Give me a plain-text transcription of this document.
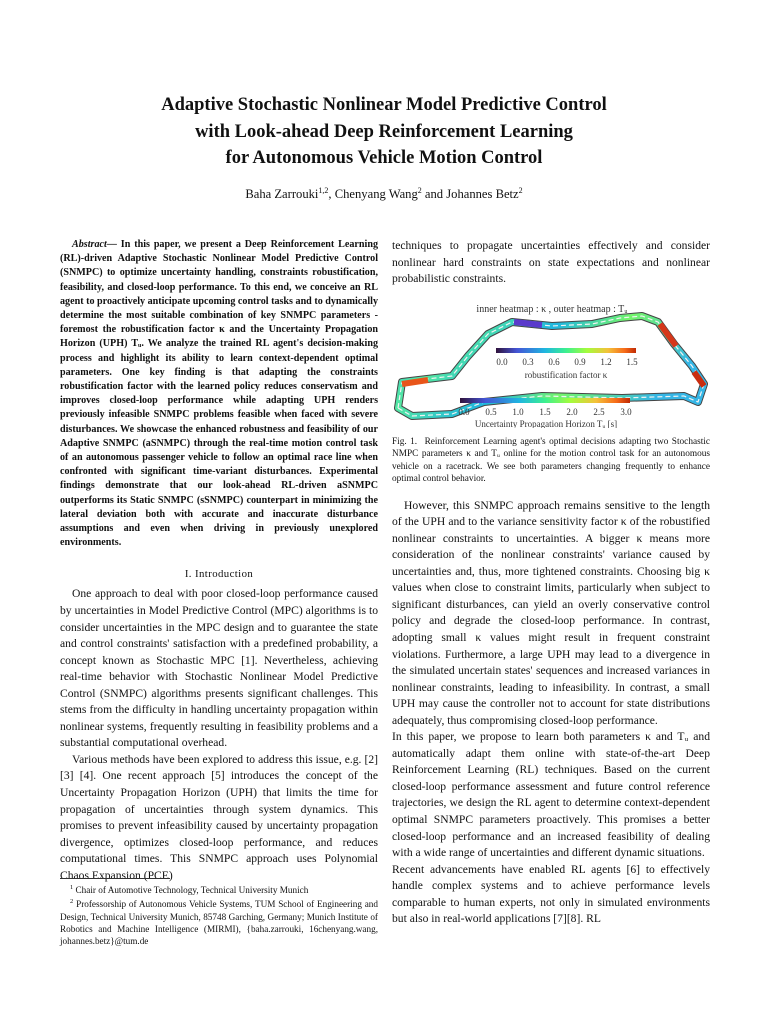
Adaptive Stochastic Nonlinear Model Predictive Control
with Look-ahead Deep Reinforcement Learning
for Autonomous Vehicle Motion Control
Baha Zarrouki$^{1,2}$, Chenyang Wang$^2$ and Johannes Betz$^2$
Abstract— In this paper, we present a Deep Reinforcement Learning (RL)-driven Adaptive Stochastic Nonlinear Model Predictive Control (SNMPC) to optimize uncertainty handling, constraints robustification, feasibility, and closed-loop performance. To this end, we conceive an RL agent to proactively anticipate upcoming control tasks and to dynamically determine the most suitable combination of key SNMPC parameters - foremost the robustification factor κ and the Uncertainty Propagation Horizon (UPH) Tᵤ. We analyze the trained RL agent's decision-making process and highlight its ability to learn context-dependent optimal parameters. One key finding is that adapting the constraints robustification factor with the learned policy reduces conservatism and improves closed-loop performance while adapting UPH renders previously infeasible SNMPC problems feasible when faced with severe disturbances. We showcase the enhanced robustness and feasibility of our Adaptive SNMPC (aSNMPC) through the real-time motion control task of an autonomous passenger vehicle to follow an optimal race line when confronted with significant time-variant disturbances. Experimental findings demonstrate that our look-ahead RL-driven aSNMPC outperforms its Static SNMPC (sSNMPC) counterpart in minimizing the lateral deviation both with accurate and inaccurate disturbance assumptions and even when driving in previously unexplored environments.
I. Introduction

One approach to deal with poor closed-loop performance caused by uncertainties in Model Predictive Control (MPC) algorithms is to consider uncertainties in the MPC design and to guarantee the state and control constraints' satisfaction with a predefined probability, a concept known as Stochastic MPC [1]. Nevertheless, achieving real-time behavior with Stochastic Nonlinear Model Predictive Control (SNMPC) algorithms presents significant challenges. This stems from the difficulty in handling uncertainty propagation within nonlinear systems, frequently resulting in feasibility problems and a substantial computational overhead.

Various methods have been explored to address this issue, e.g. [2] [3] [4]. One recent approach [5] introduces the concept of the Uncertainty Propagation Horizon (UPH) that limits the time for propagation of uncertainties through system dynamics. This promises to prevent infeasibility caused by uncertainty propagation divergence, optimizes closed-loop performance, and reduces computational times. This SNMPC approach uses Polynomial Chaos Expansion (PCE)

$^1$ Chair of Automotive Technology, Technical University Munich

$^2$ Professorship of Autonomous Vehicle Systems, TUM School of Engineering and Design, Technical University Munich, 85748 Garching, Germany; Munich Institute of Robotics and Machine Intelligence (MIRMI), {baha.zarrouki, 16chenyang.wang, johannes.betz}@tum.de

techniques to propagate uncertainties effectively and consider nonlinear hard constraints on state expectations and nonlinear probabilistic constraints.
inner heatmap : κ , outer heatmap : Tᵤ
0.0 0.3 0.6 0.9 1.2 1.5
robustification factor κ
0.0 0.5 1.0 1.5 2.0 2.5 3.0
Uncertainty Propagation Horizon Tᵤ [s]
Fig. 1. Reinforcement Learning agent's optimal decisions adapting two Stochastic NMPC parameters κ and Tᵤ online for the motion control task for an autonomous vehicle on a racetrack. We see both parameters changing frequently to enhance optimal control behavior.

However, this SNMPC approach remains sensitive to the length of the UPH and to the variance sensitivity factor κ of the robustified nonlinear constraints to uncertainties. A bigger κ means more consideration of the nonlinear constraints' variance caused by uncertainties and, thus, more tightened constraints. Choosing big κ values when close to constraint limits, particularly when subject to significant disturbances, can yield an overly conservative control policy and degrade the closed-loop performance. In contrast, adopting small κ values might result in frequent constraint violations. Furthermore, a large UPH may lead to a divergence in the simulated uncertain states' sequences and increased variances in nonlinear constraints, leading to infeasibility. In contrast, a small UPH may cause the controller not to account for state distributions adequately, thus compromising closed-loop performance.

In this paper, we propose to learn both parameters κ and Tᵤ and automatically adapt them online with state-of-the-art Deep Reinforcement Learning (RL) techniques. Based on the current closed-loop performance assessment and future control reference trajectories, we design the RL agent to determine context-dependent optimal SNMPC parameters proactively. This promises a better closed-loop performance and an increased feasibility of dealing with a wide range of uncertainties and different dynamic situations.

Recent advancements have enabled RL agents [6] to effectively handle complex systems and to achieve performance levels comparable to human experts, not only in simulated environments but also in real-world applications [7][8]. RL
